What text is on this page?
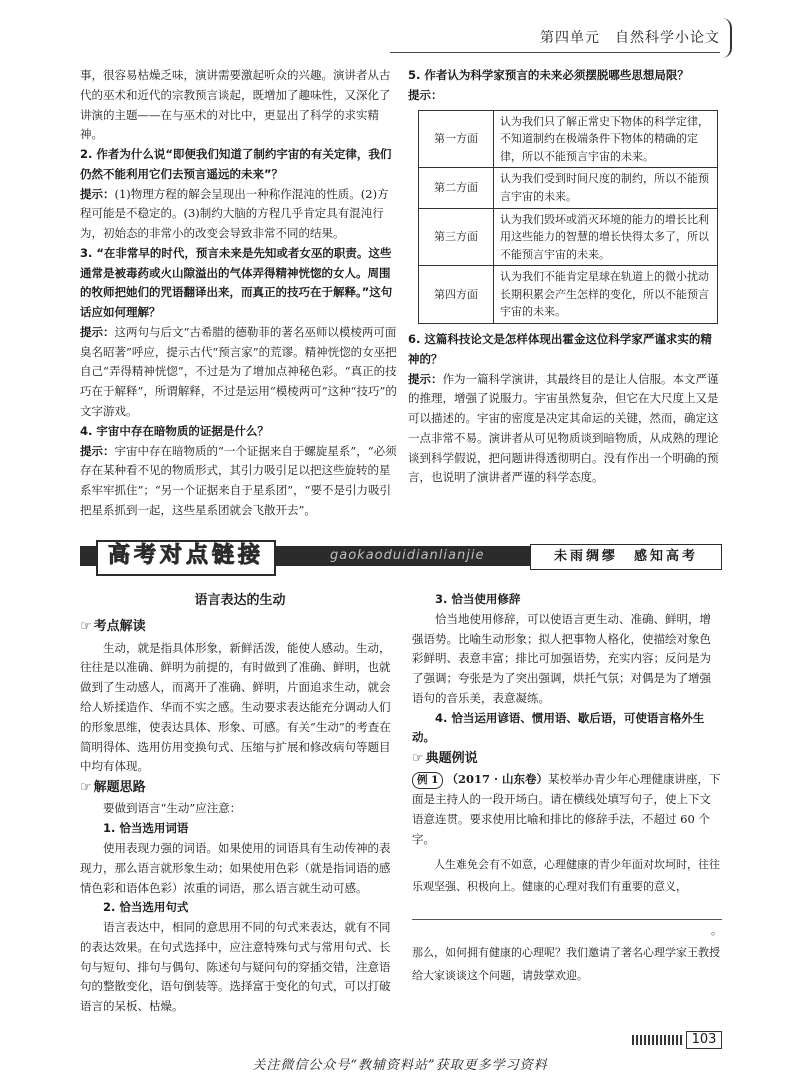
第四单元　自然科学小论文

事，很容易枯燥乏味，演讲需要激起听众的兴趣。演讲者从古代的巫术和近代的宗教预言谈起，既增加了趣味性，又深化了讲演的主题——在与巫术的对比中，更显出了科学的求实精神。

2. 作者为什么说“即便我们知道了制约宇宙的有关定律，我们仍然不能利用它们去预言遥远的未来”？

提示：(1)物理方程的解会呈现出一种称作混沌的性质。(2)方程可能是不稳定的。(3)制约大脑的方程几乎肯定具有混沌行为，初始态的非常小的改变会导致非常不同的结果。

3. “在非常早的时代，预言未来是先知或者女巫的职责。这些通常是被毒药或火山隙溢出的气体弄得精神恍惚的女人。周围的牧师把她们的咒语翻译出来，而真正的技巧在于解释。”这句话应如何理解？

提示：这两句与后文“古希腊的德勒菲的著名巫师以模棱两可面臭名昭著”呼应，提示古代“预言家”的荒谬。精神恍惚的女巫把自己“弄得精神恍惚”，不过是为了增加点神秘色彩。“真正的技巧在于解释”，所谓解释，不过是运用“模棱两可”这种“技巧”的文字游戏。

4. 宇宙中存在暗物质的证据是什么？

提示：宇宙中存在暗物质的“一个证据来自于螺旋星系”，“必须存在某种看不见的物质形式，其引力吸引足以把这些旋转的星系牢牢抓住”；“另一个证据来自于星系团”，“要不是引力吸引把星系抓到一起，这些星系团就会飞散开去”。

5. 作者认为科学家预言的未来必须摆脱哪些思想局限？

提示：

第一方面	认为我们只了解正常史下物体的科学定律，不知道制约在极端条件下物体的精确的定律，所以不能预言宇宙的未来。
第二方面	认为我们受到时间尺度的制约，所以不能预言宇宙的未来。
第三方面	认为我们毁坏或消灭环境的能力的增长比利用这些能力的智慧的增长快得太多了，所以不能预言宇宙的未来。
第四方面	认为我们不能肯定星球在轨道上的微小扰动长期积累会产生怎样的变化，所以不能预言宇宙的未来。

6. 这篇科技论文是怎样体现出霍金这位科学家严谨求实的精神的？

提示：作为一篇科学演讲，其最终目的是让人信服。本文严谨的推理，增强了说服力。宇宙虽然复杂，但它在大尺度上又是可以描述的。宇宙的密度是决定其命运的关键，然而，确定这一点非常不易。演讲者从可见物质谈到暗物质，从成熟的理论谈到科学假说，把问题讲得透彻明白。没有作出一个明确的预言，也说明了演讲者严谨的科学态度。

高考对点链接	gaokaoduidianlianjie	未雨绸缪　感知高考

语言表达的生动

☞ 考点解读

生动，就是指具体形象，新鲜活泼，能使人感动。生动，往往是以准确、鲜明为前提的，有时做到了准确、鲜明，也就做到了生动感人，而离开了准确、鲜明，片面追求生动，就会给人矫揉造作、华而不实之感。生动要求表达能充分调动人们的形象思维，使表达具体、形象、可感。有关“生动”的考查在简明得体、选用仿用变换句式、压缩与扩展和修改病句等题目中均有体现。

☞ 解题思路

要做到语言“生动”应注意：

1. 恰当选用词语

使用表现力强的词语。如果使用的词语具有生动传神的表现力，那么语言就形象生动；如果使用色彩（就是指词语的感情色彩和语体色彩）浓重的词语，那么语言就生动可感。

2. 恰当选用句式

语言表达中，相同的意思用不同的句式来表达，就有不同的表达效果。在句式选择中，应注意特殊句式与常用句式、长句与短句、排句与偶句、陈述句与疑问句的穿插交错，注意语句的整散变化，语句倒装等。选择富于变化的句式，可以打破语言的呆板、枯燥。

3. 恰当使用修辞

恰当地使用修辞，可以使语言更生动、准确、鲜明，增强语势。比喻生动形象；拟人把事物人格化，使描绘对象色彩鲜明、表意丰富；排比可加强语势，充实内容；反问是为了强调；夸张是为了突出强调，烘托气氛；对偶是为了增强语句的音乐美，表意凝练。

4. 恰当运用谚语、惯用语、歇后语，可使语言格外生动。

☞ 典题例说

例 1 （2017 · 山东卷）某校举办青少年心理健康讲座，下面是主持人的一段开场白。请在横线处填写句子，使上下文语意连贯。要求使用比喻和排比的修辞手法，不超过 60 个字。

人生难免会有不如意，心理健康的青少年面对坎坷时，往往乐观坚强、积极向上。健康的心理对我们有重要的意义，

。

那么，如何拥有健康的心理呢？我们邀请了著名心理学家王教授给大家谈谈这个问题，请鼓掌欢迎。

103
关注微信公众号“教辅资料站”获取更多学习资料
